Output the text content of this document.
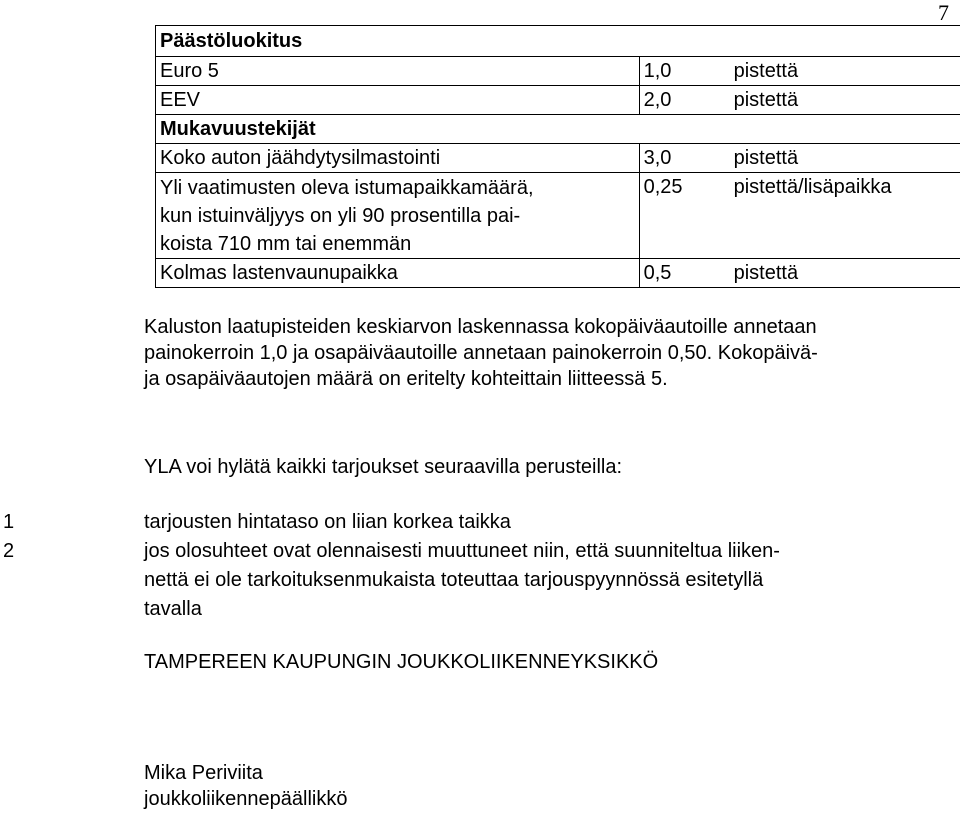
7
Päästöluokitus	
Euro 5	1,0 pistettä
EEV	2,0 pistettä
Mukavuustekijät	
Koko auton jäähdytysilmastointi	3,0 pistettä

Yli vaatimusten oleva istumapaikkamäärä,
kun istuinväljyys on yli 90 prosentilla pai-
koista 710 mm tai enemmän	0,25 pistettä/lisäpaikka
Kolmas lastenvaunupaikka	0,5 pistettä
Kaluston laatupisteiden keskiarvon laskennassa kokopäiväautoille annetaan
painokerroin 1,0 ja osapäiväautoille annetaan painokerroin 0,50. Kokopäivä-
ja osapäiväautojen määrä on eritelty kohteittain liitteessä 5.
YLA voi hylätä kaikki tarjoukset seuraavilla perusteilla:
1	tarjousten hintataso on liian korkea taikka
2	jos olosuhteet ovat olennaisesti muuttuneet niin, että suunniteltua liiken-
nettä ei ole tarkoituksenmukaista toteuttaa tarjouspyynnössä esitetyllä
tavalla
TAMPEREEN KAUPUNGIN JOUKKOLIIKENNEYKSIKKÖ
Mika Periviita
joukkoliikennepäällikkö
